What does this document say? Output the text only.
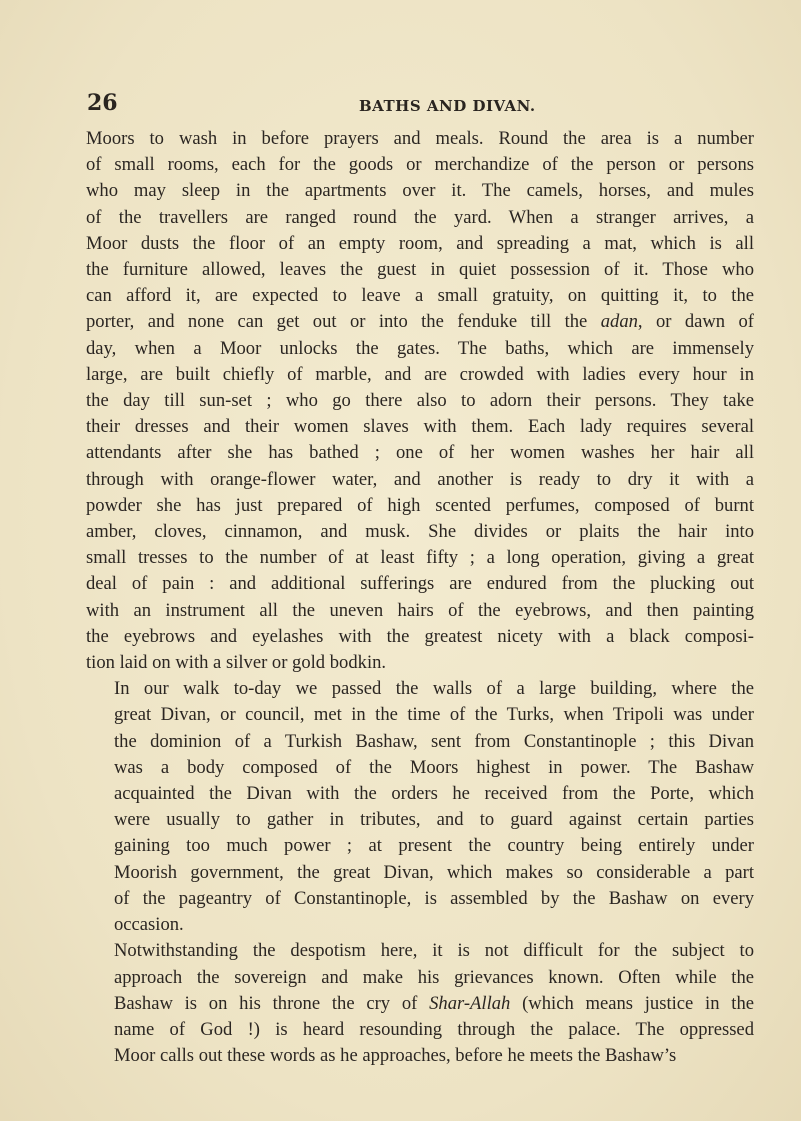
26	BATHS AND DIVAN.

Moors to wash in before prayers and meals. Round the area is a number
of small rooms, each for the goods or merchandize of the person or persons
who may sleep in the apartments over it. The camels, horses, and mules
of the travellers are ranged round the yard. When a stranger arrives, a
Moor dusts the floor of an empty room, and spreading a mat, which is all
the furniture allowed, leaves the guest in quiet possession of it. Those who
can afford it, are expected to leave a small gratuity, on quitting it, to the
porter, and none can get out or into the fenduke till the adan, or dawn of
day, when a Moor unlocks the gates. The baths, which are immensely
large, are built chiefly of marble, and are crowded with ladies every hour in
the day till sun-set ; who go there also to adorn their persons. They take
their dresses and their women slaves with them. Each lady requires several
attendants after she has bathed ; one of her women washes her hair all
through with orange-flower water, and another is ready to dry it with a
powder she has just prepared of high scented perfumes, composed of burnt
amber, cloves, cinnamon, and musk. She divides or plaits the hair into
small tresses to the number of at least fifty ; a long operation, giving a great
deal of pain : and additional sufferings are endured from the plucking out
with an instrument all the uneven hairs of the eyebrows, and then painting
the eyebrows and eyelashes with the greatest nicety with a black composi-
tion laid on with a silver or gold bodkin.

In our walk to-day we passed the walls of a large building, where the
great Divan, or council, met in the time of the Turks, when Tripoli was under
the dominion of a Turkish Bashaw, sent from Constantinople ; this Divan
was a body composed of the Moors highest in power. The Bashaw
acquainted the Divan with the orders he received from the Porte, which
were usually to gather in tributes, and to guard against certain parties
gaining too much power ; at present the country being entirely under
Moorish government, the great Divan, which makes so considerable a part
of the pageantry of Constantinople, is assembled by the Bashaw on every
occasion.

Notwithstanding the despotism here, it is not difficult for the subject to
approach the sovereign and make his grievances known. Often while the
Bashaw is on his throne the cry of Shar-Allah (which means justice in the
name of God !) is heard resounding through the palace. The oppressed
Moor calls out these words as he approaches, before he meets the Bashaw’s
